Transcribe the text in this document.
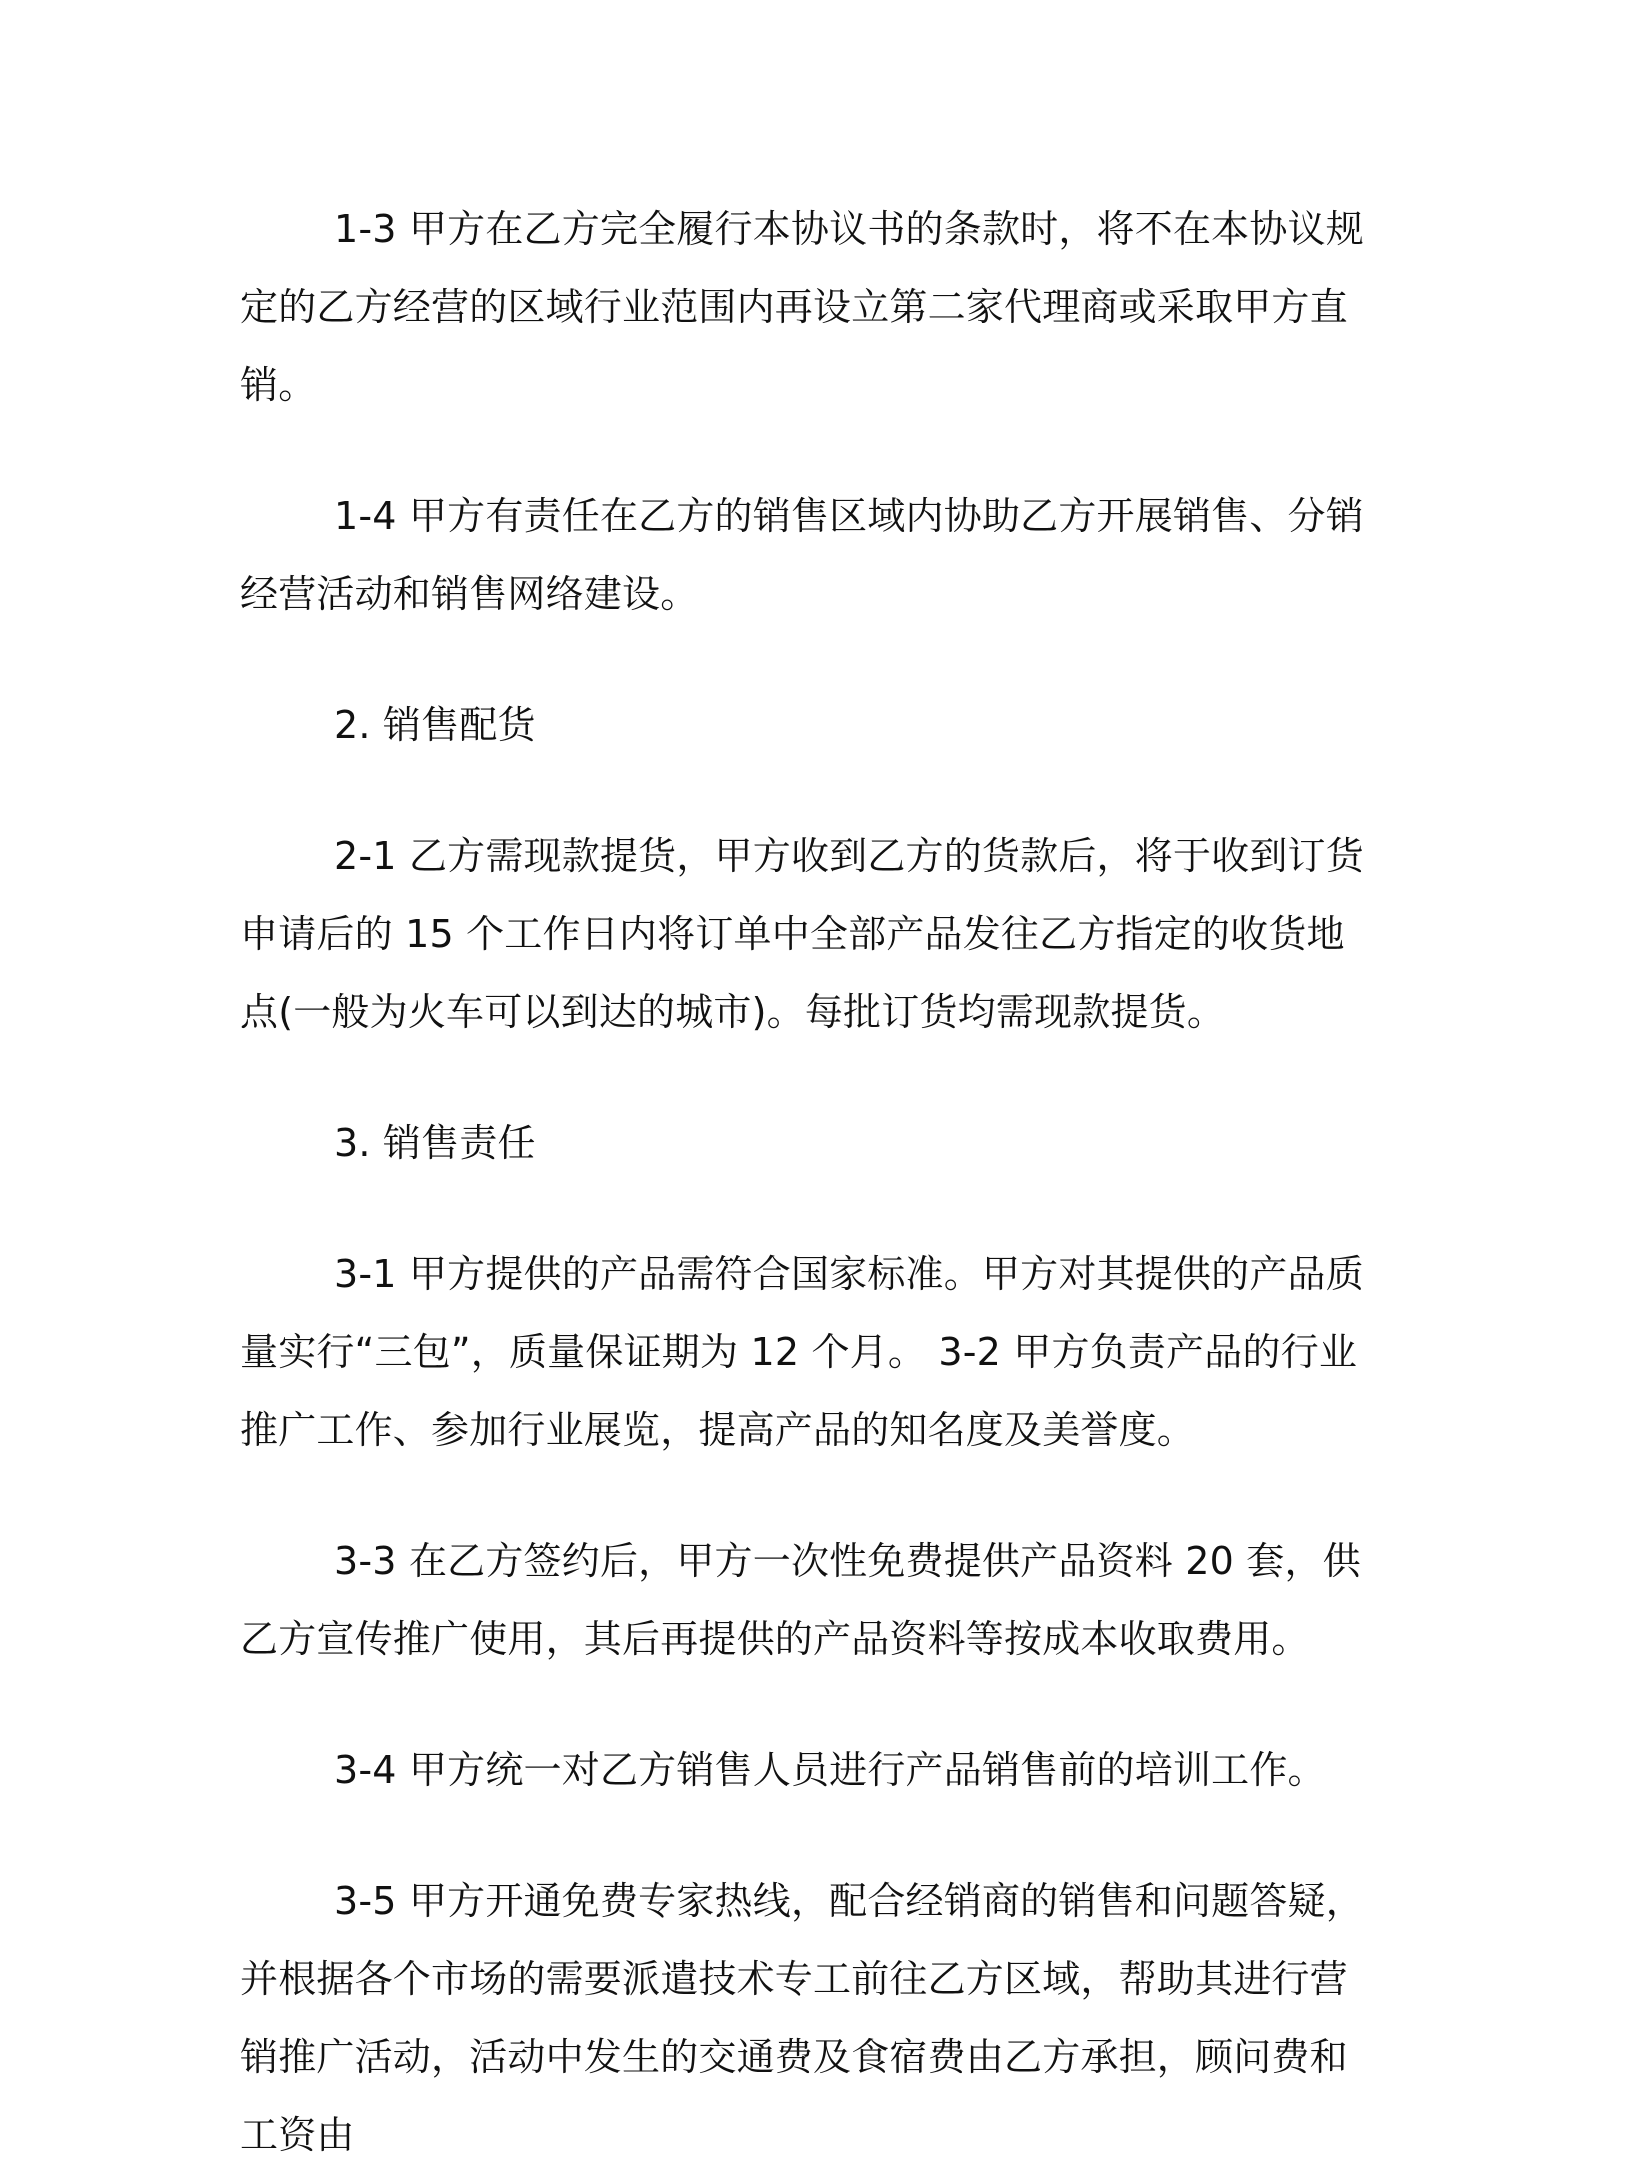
1-3 甲方在乙方完全履行本协议书的条款时，将不在本协议规定的乙方经营的区域行业范围内再设立第二家代理商或采取甲方直销。

1-4 甲方有责任在乙方的销售区域内协助乙方开展销售、分销经营活动和销售网络建设。

2. 销售配货

2-1 乙方需现款提货，甲方收到乙方的货款后，将于收到订货申请后的 15 个工作日内将订单中全部产品发往乙方指定的收货地点(一般为火车可以到达的城市)。每批订货均需现款提货。

3. 销售责任

3-1 甲方提供的产品需符合国家标准。甲方对其提供的产品质量实行“三包”，质量保证期为 12 个月。 3-2 甲方负责产品的行业推广工作、参加行业展览，提高产品的知名度及美誉度。

3-3 在乙方签约后，甲方一次性免费提供产品资料 20 套，供乙方宣传推广使用，其后再提供的产品资料等按成本收取费用。

3-4 甲方统一对乙方销售人员进行产品销售前的培训工作。

3-5 甲方开通免费专家热线，配合经销商的销售和问题答疑，并根据各个市场的需要派遣技术专工前往乙方区域，帮助其进行营销推广活动，活动中发生的交通费及食宿费由乙方承担，顾问费和工资由
